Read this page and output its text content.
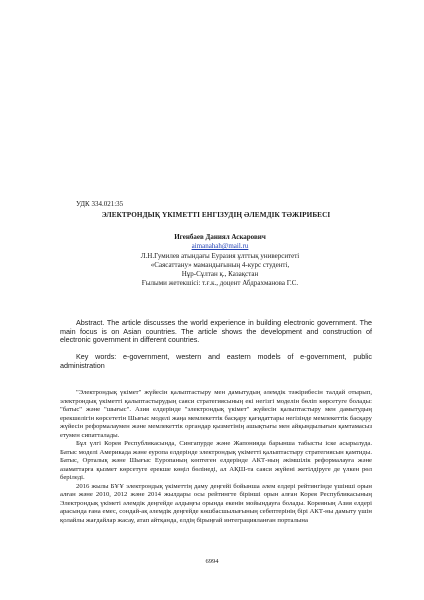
УДК 334.021:35
ЭЛЕКТРОНДЫҚ ҮКІМЕТТІ ЕНГІЗУДІҢ ӘЛЕМДІК ТӘЖІРИБЕСІ
Игенбаев Даниял Аскарович
aimanahah@mail.ru
Л.Н.Гумилев атындағы Еуразия ұлттық университеті
«Саясаттану» мамандығының 4-курс студенті,
Нұр-Сұлтан қ., Казақстан
Ғылыми жетекшісі: т.ғ.к., доцент Абдрахманова Г.С.

Abstract. The article discusses the world experience in building electronic government. The main focus is on Asian countries. The article shows the development and construction of electronic government in different countries.

Key words: e-government, western and eastern models of e-government, public administration

"Электрондық үкімет" жүйесін қалыптастыру мен дамытудың әлемдік тәжірибесін талдай отырып, электрондық үкіметті қалыптастырудың саяси стратегиясының екі негізгі моделін бөліп көрсетуге болады: "батыс" және "шығыс". Азия елдерінде "электрондық үкімет" жүйесін қалыптастыру мен дамытудың ерекшелігін көрсететін Шығыс моделі жаңа мемлекеттік басқару қағидаттары негізінде мемлекеттік басқару жүйесін реформалаумен және мемлекеттік органдар қызметінің ашықтығы мен айқындылығын қамтамасыз етумен сипатталады.

Бұл үлгі Корея Республикасында, Сингапурде және Жапонияда барынша табысты іске асырылуда. Батыс моделі Америкада және еуропа елдерінде электрондық үкіметті қалыптастыру стратегиясын қамтиды. Батыс, Орталық және Шығыс Еуропаның көптеген елдерінде АКТ-ның әкімшілік реформалауға және азаматтарға қызмет көрсетуге ерекше көңіл бөлінеді, ал АҚШ-та саяси жүйені жетілдіруге де үлкен рөл беріледі.

2016 жылы БҰҰ электрондық үкіметтің даму деңгейі бойынша әлем елдері рейтингінде үшінші орын алған және 2010, 2012 және 2014 жылдары осы рейтингте бірінші орын алған Корея Республикасының Электрондық үкіметі әлемдік деңгейде алдыңғы орында екенін мойындауға болады. Кореяның Азия елдері арасында ғана емес, сондай-ақ әлемдік деңгейде көшбасшылығының себептерінің бірі АКТ-ны дамыту үшін қолайлы жағдайлар жасау, атап айтқанда, елдің бірыңғай интеграцияланған порталына

6994
